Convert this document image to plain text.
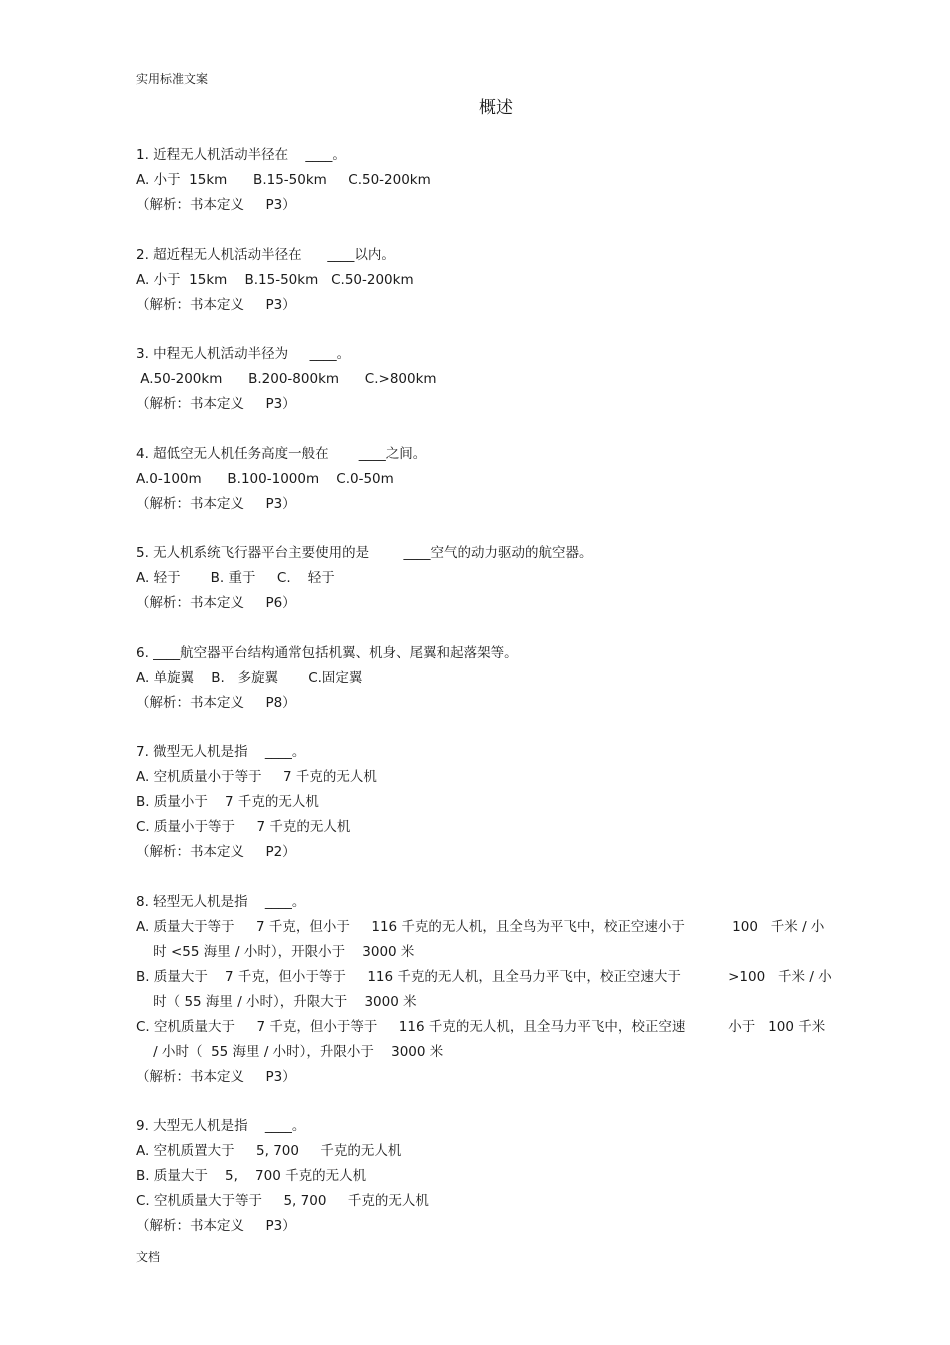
实用标准文案
概述
1. 近程无人机活动半径在    ____。
A. 小于  15km      B.15-50km     C.50-200km
（解析：书本定义     P3）
2. 超近程无人机活动半径在      ____以内。
A. 小于  15km    B.15-50km   C.50-200km
（解析：书本定义     P3）
3. 中程无人机活动半径为     ____。
A.50-200km      B.200-800km      C.>800km
（解析：书本定义     P3）
4. 超低空无人机任务高度一般在       ____之间。
A.0-100m      B.100-1000m    C.0-50m
（解析：书本定义     P3）
5. 无人机系统飞行器平台主要使用的是        ____空气的动力驱动的航空器。
A. 轻于       B. 重于     C.    轻于
（解析：书本定义     P6）
6. ____航空器平台结构通常包括机翼、机身、尾翼和起落架等。
A. 单旋翼    B.   多旋翼       C.固定翼
（解析：书本定义     P8）
7. 微型无人机是指    ____。
A. 空机质量小于等于     7 千克的无人机
B. 质量小于    7 千克的无人机
C. 质量小于等于     7 千克的无人机
（解析：书本定义     P2）
8. 轻型无人机是指    ____。
A. 质量大于等于     7 千克，但小于     116 千克的无人机，且全鸟为平飞中，校正空速小于           100   千米 / 小
时 <55 海里 / 小时），开限小于    3000 米
B. 质量大于    7 千克，但小于等于     116 千克的无人机，且全马力平飞中，校正空速大于           >100   千米 / 小
时（ 55 海里 / 小时），升限大于    3000 米
C. 空机质量大于     7 千克，但小于等于     116 千克的无人机，且全马力平飞中，校正空速          小于   100 千米
/ 小时（  55 海里 / 小时），升限小于    3000 米
（解析：书本定义     P3）
9. 大型无人机是指    ____。
A. 空机质置大于     5, 700     千克的无人机
B. 质量大于    5,    700 千克的无人机
C. 空机质量大于等于     5, 700     千克的无人机
（解析：书本定义     P3）
文档
